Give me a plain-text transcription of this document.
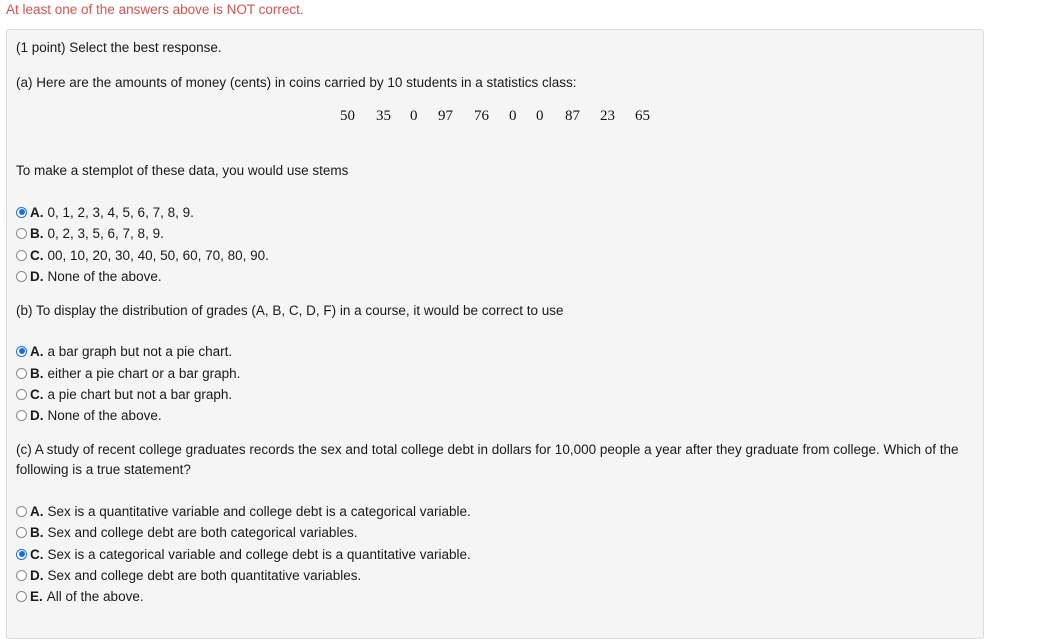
At least one of the answers above is NOT correct.
(1 point) Select the best response.
(a) Here are the amounts of money (cents) in coins carried by 10 students in a statistics class:
50 35 0 97 76 0 0 87 23 65
To make a stemplot of these data, you would use stems
A. 0, 1, 2, 3, 4, 5, 6, 7, 8, 9.
B. 0, 2, 3, 5, 6, 7, 8, 9.
C. 00, 10, 20, 30, 40, 50, 60, 70, 80, 90.
D. None of the above.
(b) To display the distribution of grades (A, B, C, D, F) in a course, it would be correct to use
A. a bar graph but not a pie chart.
B. either a pie chart or a bar graph.
C. a pie chart but not a bar graph.
D. None of the above.
(c) A study of recent college graduates records the sex and total college debt in dollars for 10,000 people a year after they graduate from college. Which of the following is a true statement?
A. Sex is a quantitative variable and college debt is a categorical variable.
B. Sex and college debt are both categorical variables.
C. Sex is a categorical variable and college debt is a quantitative variable.
D. Sex and college debt are both quantitative variables.
E. All of the above.
